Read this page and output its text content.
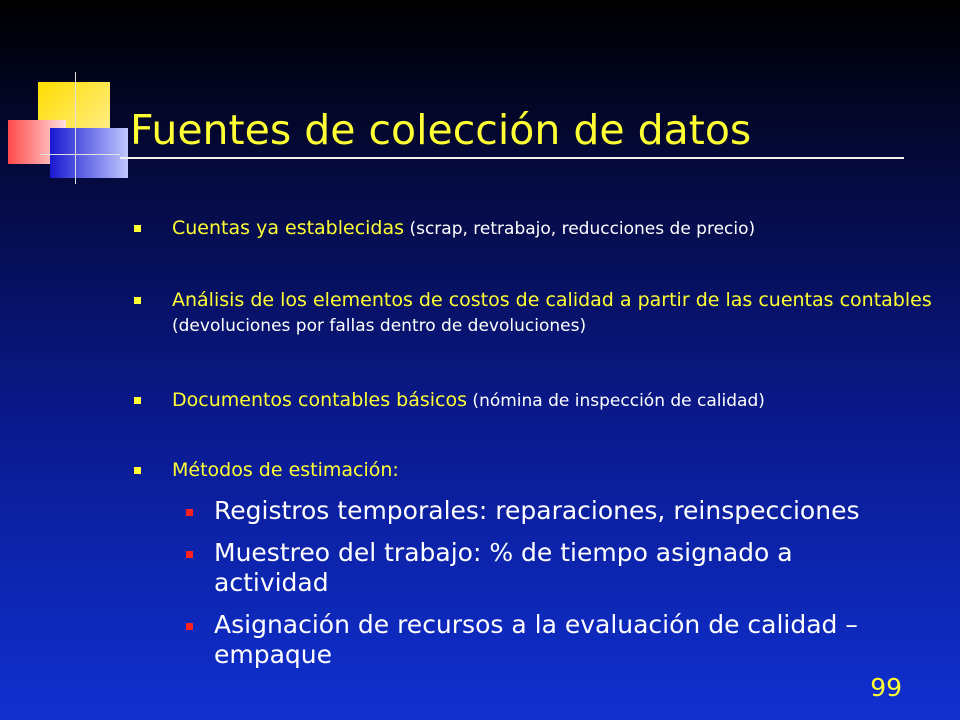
Fuentes de colección de datos
Cuentas ya establecidas (scrap, retrabajo, reducciones de precio)
Análisis de los elementos de costos de calidad a partir de las cuentas contables (devoluciones por fallas dentro de devoluciones)
Documentos contables básicos (nómina de inspección de calidad)
Métodos de estimación:
Registros temporales: reparaciones, reinspecciones
Muestreo del trabajo: % de tiempo asignado a actividad
Asignación de recursos a la evaluación de calidad – empaque
99
